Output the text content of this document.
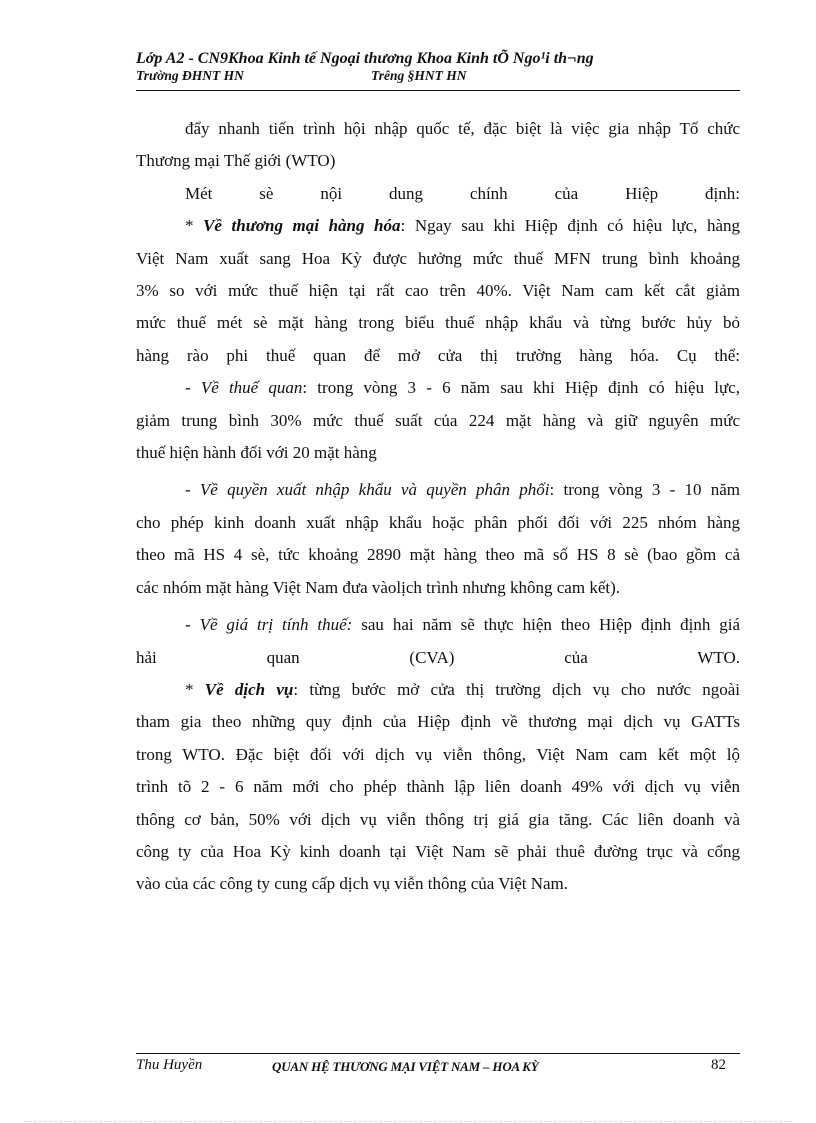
Lớp A2 - CN9Khoa Kinh tế Ngoại thương Khoa Kinh tÕ Ngo¹i th¬ng
Trường ĐHNT HN	Trêng §HNT HN

đẩy nhanh tiến trình hội nhập quốc tế, đặc biệt là việc gia nhập Tổ chức

Thương mại Thế giới (WTO)

Mét sè nội dung chính của Hiệp định:

* Về thương mại hàng hóa: Ngay sau khi Hiệp định có hiệu lực, hàng

Việt Nam xuất sang Hoa Kỳ được hưởng mức thuế MFN trung bình khoảng

3% so với mức thuế hiện tại rất cao trên 40%. Việt Nam cam kết cắt giảm

mức thuế mét sè mặt hàng trong biểu thuế nhập khẩu và từng bước hủy bỏ

hàng rào phi thuế quan để mở cửa thị trường hàng hóa. Cụ thể:

- Về thuế quan: trong vòng 3 - 6 năm sau khi Hiệp định có hiệu lực,

giảm trung bình 30% mức thuế suất của 224 mặt hàng và giữ nguyên mức

thuế hiện hành đối với 20 mặt hàng

- Về quyền xuất nhập khẩu và quyền phân phối: trong vòng 3 - 10 năm

cho phép kinh doanh xuất nhập khẩu hoặc phân phối đối với 225 nhóm hàng

theo mã HS 4 sè, tức khoảng 2890 mặt hàng theo mã số HS 8 sè (bao gồm cả

các nhóm mặt hàng Việt Nam đưa vàolịch trình nhưng không cam kết).

- Về giá trị tính thuế: sau hai năm sẽ thực hiện theo Hiệp định định giá

hải quan (CVA) của WTO.

* Về dịch vụ: từng bước mở cửa thị trường dịch vụ cho nước ngoài

tham gia theo những quy định của Hiệp định về thương mại dịch vụ GATTs

trong WTO. Đặc biệt đối với dịch vụ viễn thông, Việt Nam cam kết một lộ

trình tõ 2 - 6 năm mới cho phép thành lập liên doanh 49% với dịch vụ viễn

thông cơ bản, 50% với dịch vụ viễn thông trị giá gia tăng. Các liên doanh và

công ty của Hoa Kỳ kinh doanh tại Việt Nam sẽ phải thuê đường trục và cổng

vào của các công ty cung cấp dịch vụ viễn thông của Việt Nam.

Thu Huyền	QUAN HỆ THƯƠNG MẠI VIỆT NAM – HOA KỲ	82
